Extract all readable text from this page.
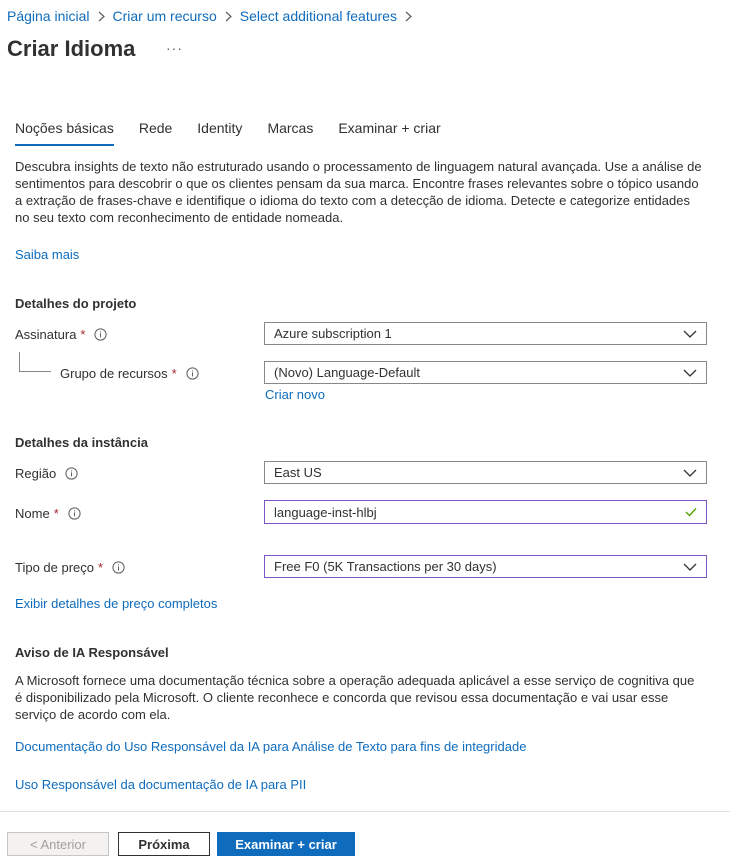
Página inicial Criar um recurso Select additional features
Criar Idioma ···
Noções básicas Rede Identity Marcas Examinar + criar
Descubra insights de texto não estruturado usando o processamento de linguagem natural avançada. Use a análise de sentimentos para descobrir o que os clientes pensam da sua marca. Encontre frases relevantes sobre o tópico usando a extração de frases-chave e identifique o idioma do texto com a detecção de idioma. Detecte e categorize entidades no seu texto com reconhecimento de entidade nomeada.
Saiba mais
Detalhes do projeto
Assinatura *	Azure subscription 1
Grupo de recursos *	(Novo) Language-Default
Criar novo
Detalhes da instância
Região	East US
Nome *	language-inst-hlbj
Tipo de preço *	Free F0 (5K Transactions per 30 days)
Exibir detalhes de preço completos
Aviso de IA Responsável
A Microsoft fornece uma documentação técnica sobre a operação adequada aplicável a esse serviço de cognitiva que é disponibilizado pela Microsoft. O cliente reconhece e concorda que revisou essa documentação e vai usar esse serviço de acordo com ela.
Documentação do Uso Responsável da IA para Análise de Texto para fins de integridade
Uso Responsável da documentação de IA para PII
< Anterior	Próxima	Examinar + criar
